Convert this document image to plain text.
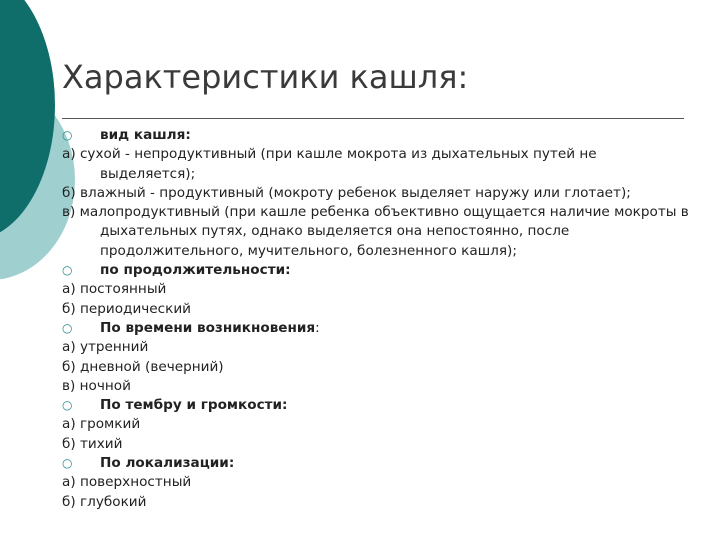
Характеристики кашля:
○ вид кашля:
а) сухой - непродуктивный (при кашле мокрота из дыхательных путей не выделяется);
б) влажный - продуктивный (мокроту ребенок выделяет наружу или глотает);
в) малопродуктивный (при кашле ребенка объективно ощущается наличие мокроты в дыхательных путях, однако выделяется она непостоянно, после продолжительного, мучительного, болезненного кашля);
○ по продолжительности:
а) постоянный
б) периодический
○ По времени возникновения:
а) утренний
б) дневной (вечерний)
в) ночной
○ По тембру и громкости:
а) громкий
б) тихий
○ По локализации:
а) поверхностный
б) глубокий
